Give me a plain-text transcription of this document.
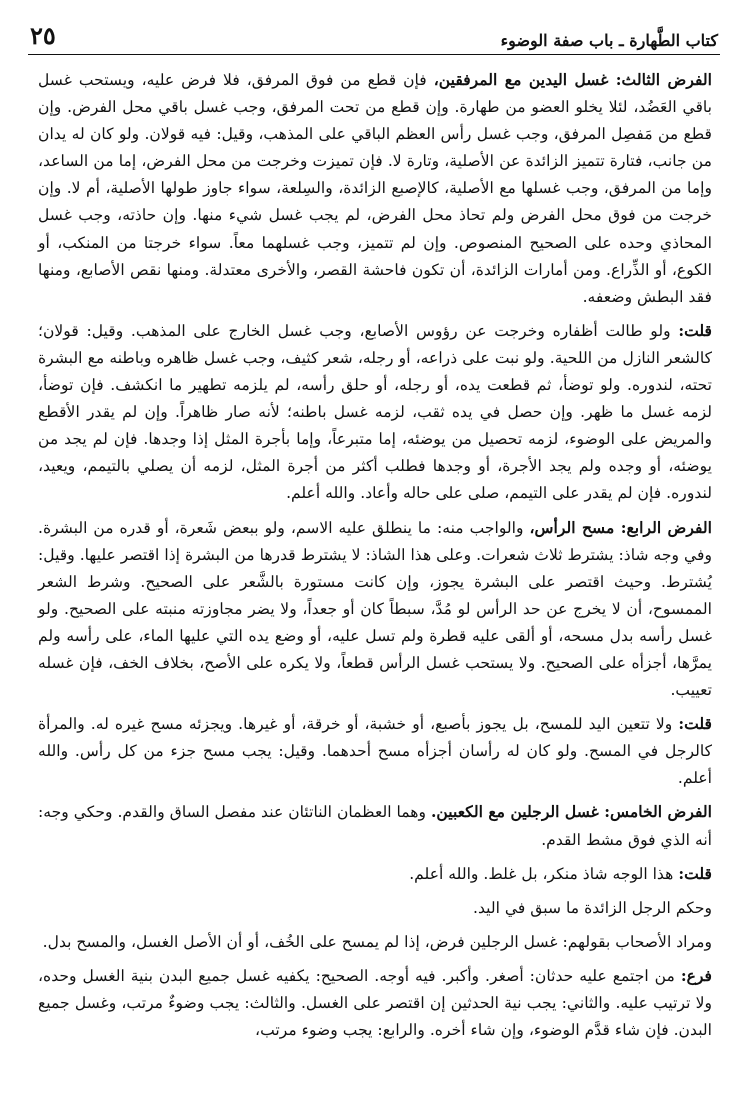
كتاب الطَّهارة ـ باب صفة الوضوء
٢٥

الفرض الثالث: غسل اليدين مع المرفقين، فإن قطع من فوق المرفق، فلا فرض عليه، ويستحب غسل باقي العَضُد، لئلا يخلو العضو من طهارة. وإن قطع من تحت المرفق، وجب غسل باقي محل الفرض. وإن قطع من مَفصِل المرفق، وجب غسل رأس العظم الباقي على المذهب، وقيل: فيه قولان. ولو كان له يدان من جانب، فتارة تتميز الزائدة عن الأصلية، وتارة لا. فإن تميزت وخرجت من محل الفرض، إما من الساعد، وإما من المرفق، وجب غسلها مع الأصلية، كالإصبع الزائدة، والسِلعة، سواء جاوز طولها الأصلية، أم لا. وإن خرجت من فوق محل الفرض ولم تحاذ محل الفرض، لم يجب غسل شيء منها. وإن حاذته، وجب غسل المحاذي وحده على الصحيح المنصوص. وإن لم تتميز، وجب غسلهما معاً. سواء خرجتا من المنكب، أو الكوع، أو الذِّراع. ومن أمارات الزائدة، أن تكون فاحشة القصر، والأخرى معتدلة. ومنها نقص الأصابع، ومنها فقد البطش وضعفه.

قلت: ولو طالت أظفاره وخرجت عن رؤوس الأصابع، وجب غسل الخارج على المذهب. وقيل: قولان؛ كالشعر النازل من اللحية. ولو نبت على ذراعه، أو رجله، شعر كثيف، وجب غسل ظاهره وباطنه مع البشرة تحته، لندوره. ولو توضأ، ثم قطعت يده، أو رجله، أو حلق رأسه، لم يلزمه تطهير ما انكشف. فإن توضأ، لزمه غسل ما ظهر. وإن حصل في يده ثقب، لزمه غسل باطنه؛ لأنه صار ظاهراً. وإن لم يقدر الأقطع والمريض على الوضوء، لزمه تحصيل من يوضئه، إما متبرعاً، وإما بأجرة المثل إذا وجدها. فإن لم يجد من يوضئه، أو وجده ولم يجد الأجرة، أو وجدها فطلب أكثر من أجرة المثل، لزمه أن يصلي بالتيمم، ويعيد، لندوره. فإن لم يقدر على التيمم، صلى على حاله وأعاد. والله أعلم.

الفرض الرابع: مسح الرأس، والواجب منه: ما ينطلق عليه الاسم، ولو ببعض شَعرة، أو قدره من البشرة. وفي وجه شاذ: يشترط ثلاث شعرات. وعلى هذا الشاذ: لا يشترط قدرها من البشرة إذا اقتصر عليها. وقيل: يُشترط. وحيث اقتصر على البشرة يجوز، وإن كانت مستورة بالشَّعر على الصحيح. وشرط الشعر الممسوح، أن لا يخرج عن حد الرأس لو مُدَّ، سبطاً كان أو جعداً، ولا يضر مجاوزته منبته على الصحيح. ولو غسل رأسه بدل مسحه، أو ألقى عليه قطرة ولم تسل عليه، أو وضع يده التي عليها الماء، على رأسه ولم يمرَّها، أجزأه على الصحيح. ولا يستحب غسل الرأس قطعاً، ولا يكره على الأصح، بخلاف الخف، فإن غسله تعييب.

قلت: ولا تتعين اليد للمسح، بل يجوز بأصبع، أو خشبة، أو خرقة، أو غيرها. ويجزئه مسح غيره له. والمرأة كالرجل في المسح. ولو كان له رأسان أجزأه مسح أحدهما. وقيل: يجب مسح جزء من كل رأس. والله أعلم.

الفرض الخامس: غسل الرجلين مع الكعبين. وهما العظمان الناتئان عند مفصل الساق والقدم. وحكي وجه: أنه الذي فوق مشط القدم.

قلت: هذا الوجه شاذ منكر، بل غلط. والله أعلم.

وحكم الرجل الزائدة ما سبق في اليد.

ومراد الأصحاب بقولهم: غسل الرجلين فرض، إذا لم يمسح على الخُف، أو أن الأصل الغسل، والمسح بدل.

فرع: من اجتمع عليه حدثان: أصغر. وأكبر. فيه أوجه. الصحيح: يكفيه غسل جميع البدن بنية الغسل وحده، ولا ترتيب عليه. والثاني: يجب نية الحدثين إن اقتصر على الغسل. والثالث: يجب وضوءٌ مرتب، وغسل جميع البدن. فإن شاء قدَّم الوضوء، وإن شاء أخره. والرابع: يجب وضوء مرتب،
